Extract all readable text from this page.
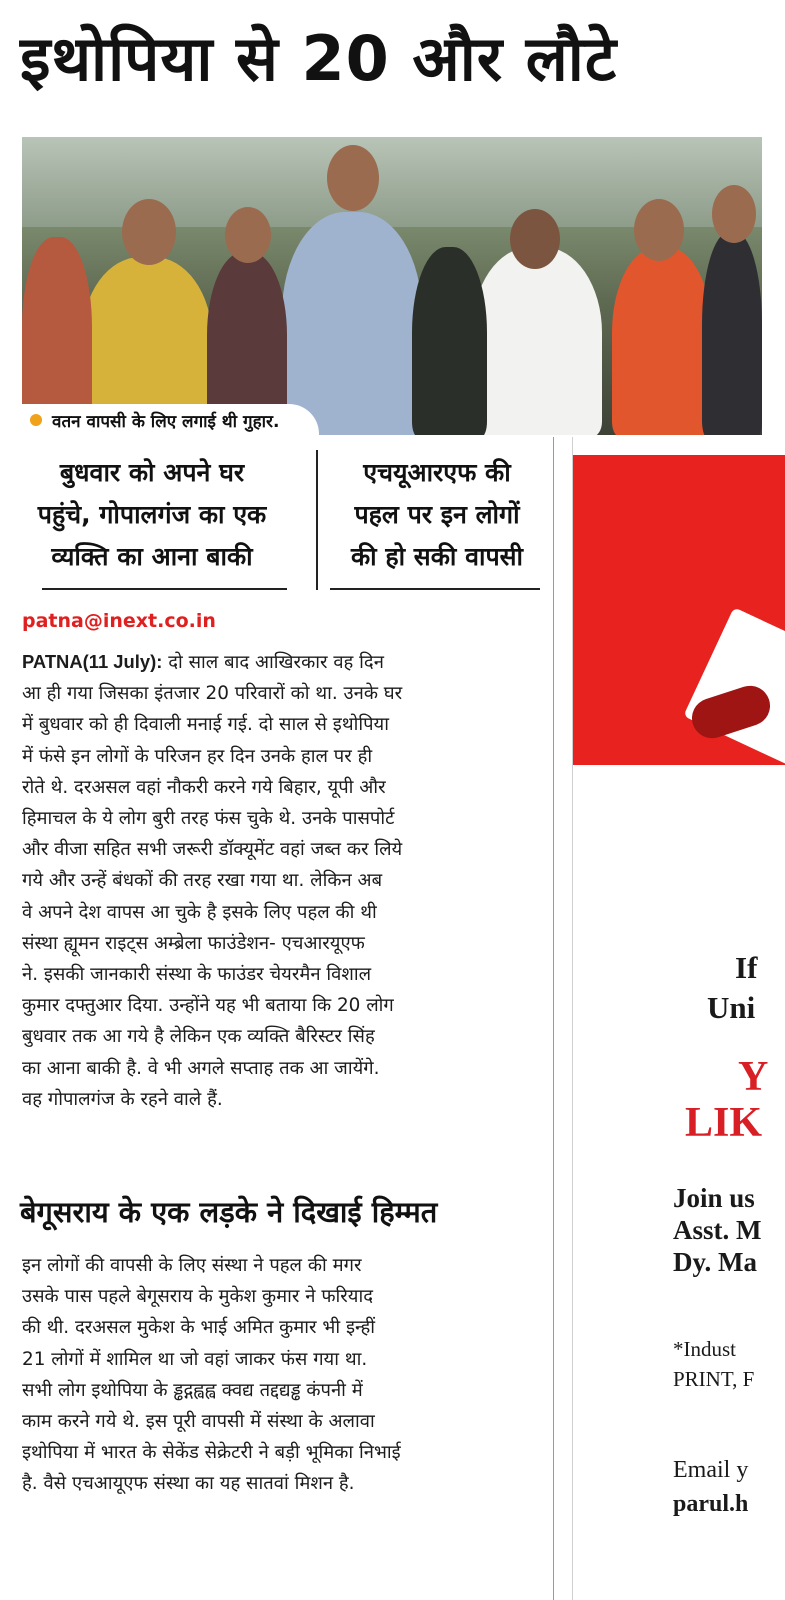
इथोपिया से 20 और लौटे
वतन वापसी के लिए लगाई थी गुहार.
बुधवार को अपने घर
पहुंचे, गोपालगंज का एक
व्यक्ति का आना बाकी
एचयूआरएफ की
पहल पर इन लोगों
की हो सकी वापसी
patna@inext.co.in
PATNA(11 July): दो साल बाद आखिरकार वह दिन
आ ही गया जिसका इंतजार 20 परिवारों को था. उनके घर
में बुधवार को ही दिवाली मनाई गई. दो साल से इथोपिया
में फंसे इन लोगों के परिजन हर दिन उनके हाल पर ही
रोते थे. दरअसल वहां नौकरी करने गये बिहार, यूपी और
हिमाचल के ये लोग बुरी तरह फंस चुके थे. उनके पासपोर्ट
और वीजा सहित सभी जरूरी डॉक्यूमेंट वहां जब्त कर लिये
गये और उन्हें बंधकों की तरह रखा गया था. लेकिन अब
वे अपने देश वापस आ चुके है इसके लिए पहल की थी
संस्था ह्यूमन राइट्स अम्ब्रेला फाउंडेशन- एचआरयूएफ
ने. इसकी जानकारी संस्था के फाउंडर चेयरमैन विशाल
कुमार दफ्तुआर दिया. उन्होंने यह भी बताया कि 20 लोग
बुधवार तक आ गये है लेकिन एक व्यक्ति बैरिस्टर सिंह
का आना बाकी है. वे भी अगले सप्ताह तक आ जायेंगे.
वह गोपालगंज के रहने वाले हैं.
बेगूसराय के एक लड़के ने दिखाई हिम्मत
इन लोगों की वापसी के लिए संस्था ने पहल की मगर
उसके पास पहले बेगूसराय के मुकेश कुमार ने फरियाद
की थी. दरअसल मुकेश के भाई अमित कुमार भी इन्हीं
21 लोगों में शामिल था जो वहां जाकर फंस गया था.
सभी लोग इथोपिया के ड्ढद्गह्वह्व क्वद्य तद्दद्यड्ढ कंपनी में
काम करने गये थे. इस पूरी वापसी में संस्था के अलावा
इथोपिया में भारत के सेकेंड सेक्रेटरी ने बड़ी भूमिका निभाई
है. वैसे एचआयूएफ संस्था का यह सातवां मिशन है.
If
Uni
Y
LIK
Join us
Asst. M
Dy. Ma
*Indust
PRINT, F
Email y
parul.h
